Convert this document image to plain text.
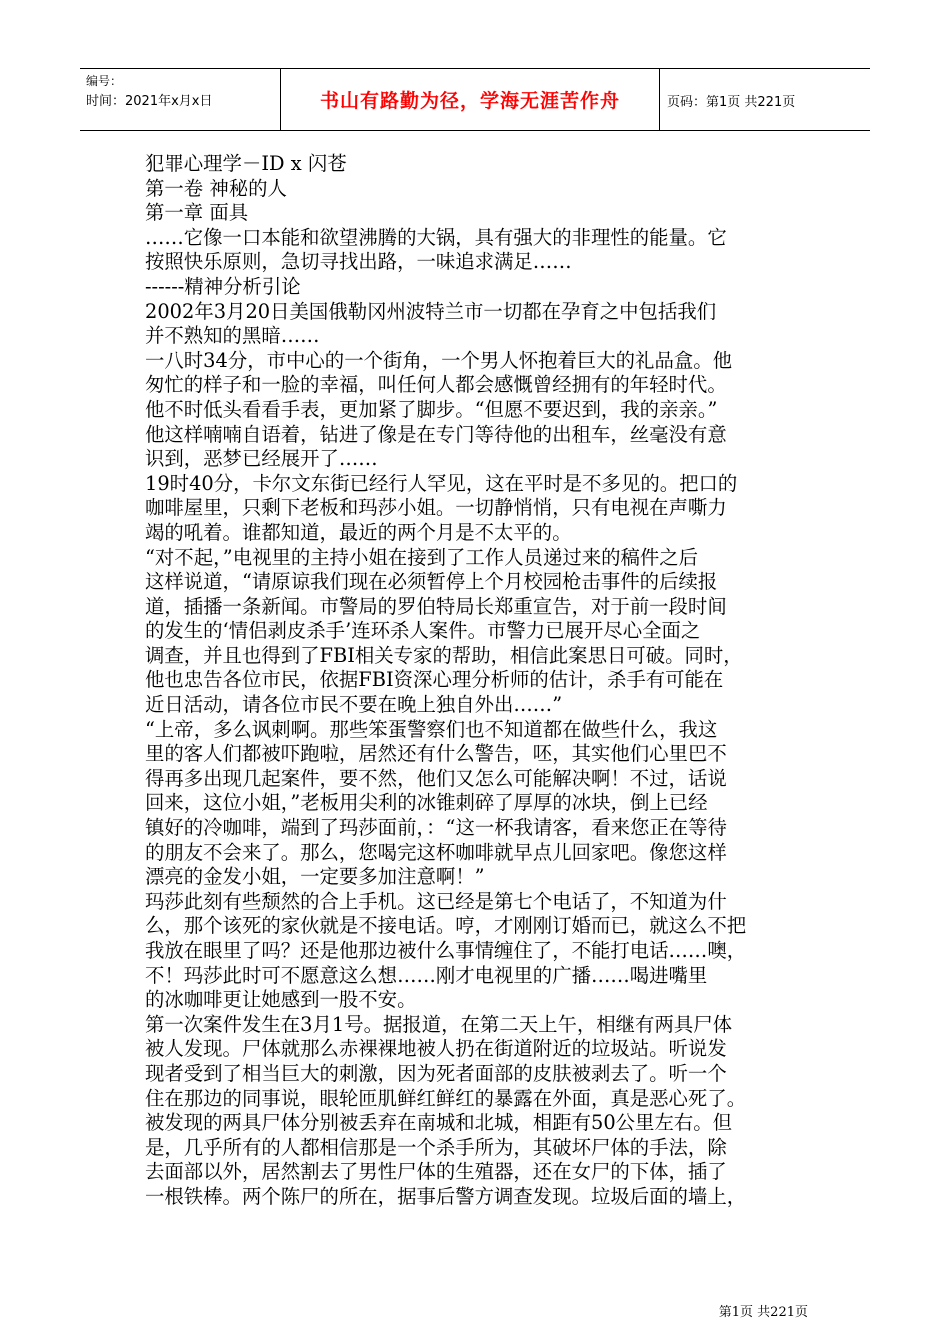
编号：
时间：2021年x月x日	书山有路勤为径，学海无涯苦作舟	页码：第1页 共221页

犯罪心理学－ID x 闪苍

第一卷 神秘的人

第一章 面具

……它像一口本能和欲望沸腾的大锅，具有强大的非理性的能量。它

按照快乐原则，急切寻找出路，一味追求满足……

------精神分析引论

2002年3月20日美国俄勒冈州波特兰市一切都在孕育之中包括我们

并不熟知的黑暗……

一八时34分，市中心的一个街角，一个男人怀抱着巨大的礼品盒。他

匆忙的样子和一脸的幸福，叫任何人都会感慨曾经拥有的年轻时代。

他不时低头看看手表，更加紧了脚步。“但愿不要迟到，我的亲亲。”

他这样喃喃自语着，钻进了像是在专门等待他的出租车，丝毫没有意

识到，恶梦已经展开了……

19时40分，卡尔文东街已经行人罕见，这在平时是不多见的。把口的

咖啡屋里，只剩下老板和玛莎小姐。一切静悄悄，只有电视在声嘶力

竭的吼着。谁都知道，最近的两个月是不太平的。

“对不起，”电视里的主持小姐在接到了工作人员递过来的稿件之后

这样说道，“请原谅我们现在必须暂停上个月校园枪击事件的后续报

道，插播一条新闻。市警局的罗伯特局长郑重宣告，对于前一段时间

的发生的‘情侣剥皮杀手’连环杀人案件。市警力已展开尽心全面之

调查，并且也得到了FBI相关专家的帮助，相信此案思日可破。同时，

他也忠告各位市民，依据FBI资深心理分析师的估计，杀手有可能在

近日活动，请各位市民不要在晚上独自外出……”

“上帝，多么讽刺啊。那些笨蛋警察们也不知道都在做些什么，我这

里的客人们都被吓跑啦，居然还有什么警告，呸，其实他们心里巴不

得再多出现几起案件，要不然，他们又怎么可能解决啊！不过，话说

回来，这位小姐，”老板用尖利的冰锥刺碎了厚厚的冰块，倒上已经

镇好的冷咖啡，端到了玛莎面前，：“这一杯我请客，看来您正在等待

的朋友不会来了。那么，您喝完这杯咖啡就早点儿回家吧。像您这样

漂亮的金发小姐，一定要多加注意啊！”

玛莎此刻有些颓然的合上手机。这已经是第七个电话了，不知道为什

么，那个该死的家伙就是不接电话。哼，才刚刚订婚而已，就这么不把

我放在眼里了吗？还是他那边被什么事情缠住了，不能打电话……噢，

不！玛莎此时可不愿意这么想……刚才电视里的广播……喝进嘴里

的冰咖啡更让她感到一股不安。

第一次案件发生在3月1号。据报道，在第二天上午，相继有两具尸体

被人发现。尸体就那么赤裸裸地被人扔在街道附近的垃圾站。听说发

现者受到了相当巨大的刺激，因为死者面部的皮肤被剥去了。听一个

住在那边的同事说，眼轮匝肌鲜红鲜红的暴露在外面，真是恶心死了。

被发现的两具尸体分别被丢弃在南城和北城，相距有50公里左右。但

是，几乎所有的人都相信那是一个杀手所为，其破坏尸体的手法，除

去面部以外，居然割去了男性尸体的生殖器，还在女尸的下体，插了

一根铁棒。两个陈尸的所在，据事后警方调查发现。垃圾后面的墙上，

第1页 共221页
